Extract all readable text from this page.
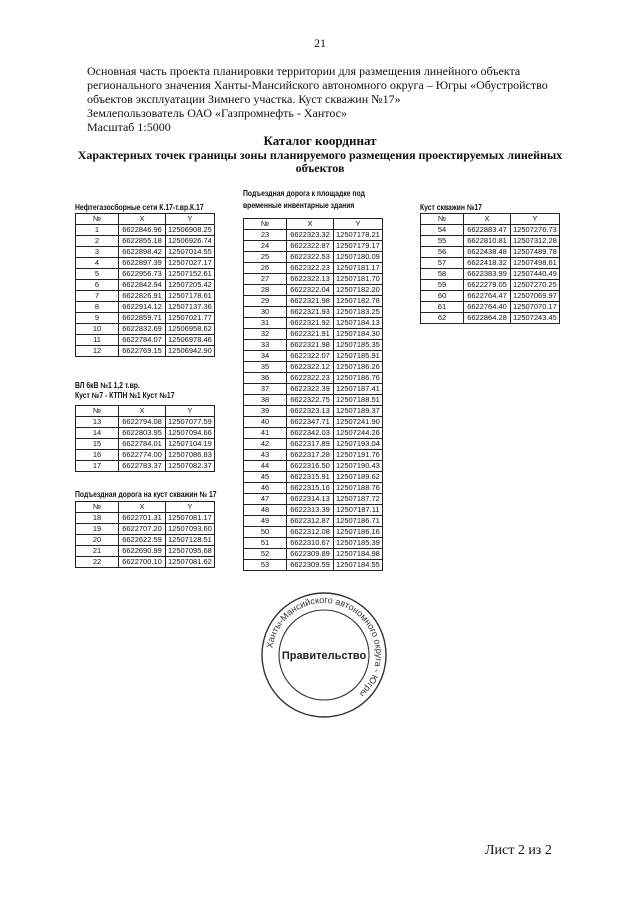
21
Основная часть проекта планировки территории для размещения линейного объекта
регионального значения Ханты-Мансийского автономного округа – Югры «Обустройство
объектов эксплуатации Зимнего участка. Куст скважин №17»
Землепользователь ОАО «Газпромнефть - Хантос»
Масштаб 1:5000
Каталог координат
Характерных точек границы зоны планируемого размещения проектируемых линейных
объектов
Нефтегазосборные сети К.17-т.вр.К.17
№	X	Y
1	6622846.96	12506908.25
2	6622855.18	12506926.74
3	6622898.42	12507014.55
4	6622897.39	12507027.17
5	6622956.73	12507152.61
6	6622842.94	12507205.42
7	6622826.91	12507178.61
8	6622914.12	12507137.36
9	6622859.71	12507021.77
10	6622832.69	12506958.62
11	6622784.07	12506978.46
12	6622769.15	12506942.90
ВЛ 6кВ №1 1,2 т.вр.
Куст №7 - КТПН №1 Куст №17
№	X	Y
13	6622794.08	12507077.59
14	6622803.95	12507094.66
15	6622784.01	12507104.19
16	6622774.00	12507086.83
17	6622783.37	12507082.37
Подъездная дорога на куст скважин № 17
№	X	Y
18	6622701.31	12507081.17
19	6622707.20	12507093.60
20	6622622.59	12507128.51
21	6622690.99	12507095.68
22	6622700.10	12507081.62
Подъездная дорога к площадке под
временные инвентарные здания
№	X	Y
23	6622323.32	12507178.21
24	6622322.87	12507179.17
25	6622322.53	12507180.09
26	6622322.23	12507181.17
27	6622322.13	12507181.70
28	6622322.04	12507182.20
29	6622321.98	12507182.78
30	6622321.93	12507183.25
31	6622321.92	12507184.13
32	6622321.91	12507184.30
33	6622321.98	12507185.35
34	6622322.07	12507185.91
35	6622322.12	12507186.26
36	6622322.23	12507186.76
37	6622322.39	12507187.41
38	6622322.75	12507188.51
39	6622323.13	12507189.37
40	6622347.71	12507241.90
41	6622342.03	12507244.26
42	6622317.89	12507193.04
43	6622317.28	12507191.76
44	6622316.50	12507190.43
45	6622315.91	12507189.62
46	6622315.16	12507188.76
47	6622314.13	12507187.72
48	6622313.39	12507187.11
49	6622312.87	12507186.71
50	6622312.08	12507186.16
51	6622310.67	12507185.39
52	6622309.89	12507184.98
53	6622309.59	12507184.55
Куст скважин №17
№	X	Y
54	6622883.47	12507276.73
55	6622810.81	12507312.28
56	6622438.48	12507489.78
57	6622418.32	12507498.61
58	6622383.99	12507440.49
59	6622279.05	12507270.25
60	6622764.47	12507069.97
61	6622764.40	12507070.17
62	6622864.28	12507243.45
Ханты-Мансийского автономного округа - Югры
Правительство
Лист 2 из 2
